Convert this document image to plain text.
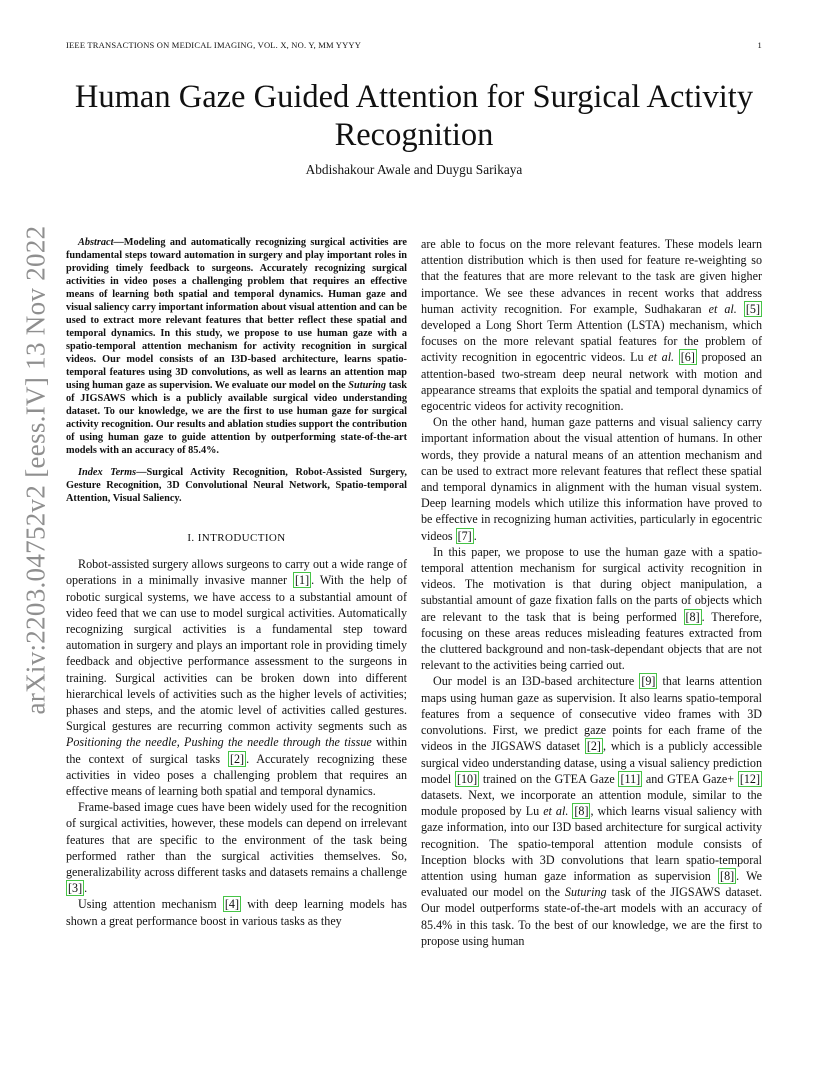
IEEE TRANSACTIONS ON MEDICAL IMAGING, VOL. X, NO. Y, MM YYYY	1
arXiv:2203.04752v2 [eess.IV] 13 Nov 2022
Human Gaze Guided Attention for Surgical Activity Recognition
Abdishakour Awale and Duygu Sarikaya

Abstract—Modeling and automatically recognizing surgical activities are fundamental steps toward automation in surgery and play important roles in providing timely feedback to surgeons. Accurately recognizing surgical activities in video poses a challenging problem that requires an effective means of learning both spatial and temporal dynamics. Human gaze and visual saliency carry important information about visual attention and can be used to extract more relevant features that better reflect these spatial and temporal dynamics. In this study, we propose to use human gaze with a spatio-temporal attention mechanism for activity recognition in surgical videos. Our model consists of an I3D-based architecture, learns spatio-temporal features using 3D convolutions, as well as learns an attention map using human gaze as supervision. We evaluate our model on the Suturing task of JIGSAWS which is a publicly available surgical video understanding dataset. To our knowledge, we are the first to use human gaze for surgical activity recognition. Our results and ablation studies support the contribution of using human gaze to guide attention by outperforming state-of-the-art models with an accuracy of 85.4%.

Index Terms—Surgical Activity Recognition, Robot-Assisted Surgery, Gesture Recognition, 3D Convolutional Neural Network, Spatio-temporal Attention, Visual Saliency.

I. INTRODUCTION

Robot-assisted surgery allows surgeons to carry out a wide range of operations in a minimally invasive manner [1] . With the help of robotic surgical systems, we have access to a substantial amount of video feed that we can use to model surgical activities. Automatically recognizing surgical activities is a fundamental step toward automation in surgery and plays an important role in providing timely feedback and objective performance assessment to the surgeons in training. Surgical activities can be broken down into different hierarchical levels of activities such as the higher levels of activities; phases and steps, and the atomic level of activities called gestures. Surgical gestures are recurring common activity segments such as Positioning the needle, Pushing the needle through the tissue within the context of surgical tasks [2] . Accurately recognizing these activities in video poses a challenging problem that requires an effective means of learning both spatial and temporal dynamics.

Frame-based image cues have been widely used for the recognition of surgical activities, however, these models can depend on irrelevant features that are specific to the environment of the task being performed rather than the surgical activities themselves. So, generalizability across different tasks and datasets remains a challenge [3] .

Using attention mechanism [4] with deep learning models has shown a great performance boost in various tasks as they

are able to focus on the more relevant features. These models learn attention distribution which is then used for feature re-weighting so that the features that are more relevant to the task are given higher importance. We see these advances in recent works that address human activity recognition. For example, Sudhakaran et al. [5] developed a Long Short Term Attention (LSTA) mechanism, which focuses on the more relevant spatial features for the problem of activity recognition in egocentric videos. Lu et al. [6] proposed an attention-based two-stream deep neural network with motion and appearance streams that exploits the spatial and temporal dynamics of egocentric videos for activity recognition.

On the other hand, human gaze patterns and visual saliency carry important information about the visual attention of humans. In other words, they provide a natural means of an attention mechanism and can be used to extract more relevant features that reflect these spatial and temporal dynamics in alignment with the human visual system. Deep learning models which utilize this information have proved to be effective in recognizing human activities, particularly in egocentric videos [7] .

In this paper, we propose to use the human gaze with a spatio-temporal attention mechanism for surgical activity recognition in videos. The motivation is that during object manipulation, a substantial amount of gaze fixation falls on the parts of objects which are relevant to the task that is being performed [8] . Therefore, focusing on these areas reduces misleading features extracted from the cluttered background and non-task-dependant objects that are not relevant to the activities being carried out.

Our model is an I3D-based architecture [9] that learns attention maps using human gaze as supervision. It also learns spatio-temporal features from a sequence of consecutive video frames with 3D convolutions. First, we predict gaze points for each frame of the videos in the JIGSAWS dataset [2] , which is a publicly accessible surgical video understanding datase, using a visual saliency prediction model [10] trained on the GTEA Gaze [11] and GTEA Gaze+ [12] datasets. Next, we incorporate an attention module, similar to the module proposed by Lu et al. [8] , which learns visual saliency with gaze information, into our I3D based architecture for surgical activity recognition. The spatio-temporal attention module consists of Inception blocks with 3D convolutions that learn spatio-temporal attention using human gaze information as supervision [8] . We evaluated our model on the Suturing task of the JIGSAWS dataset. Our model outperforms state-of-the-art models with an accuracy of 85.4% in this task. To the best of our knowledge, we are the first to propose using human
